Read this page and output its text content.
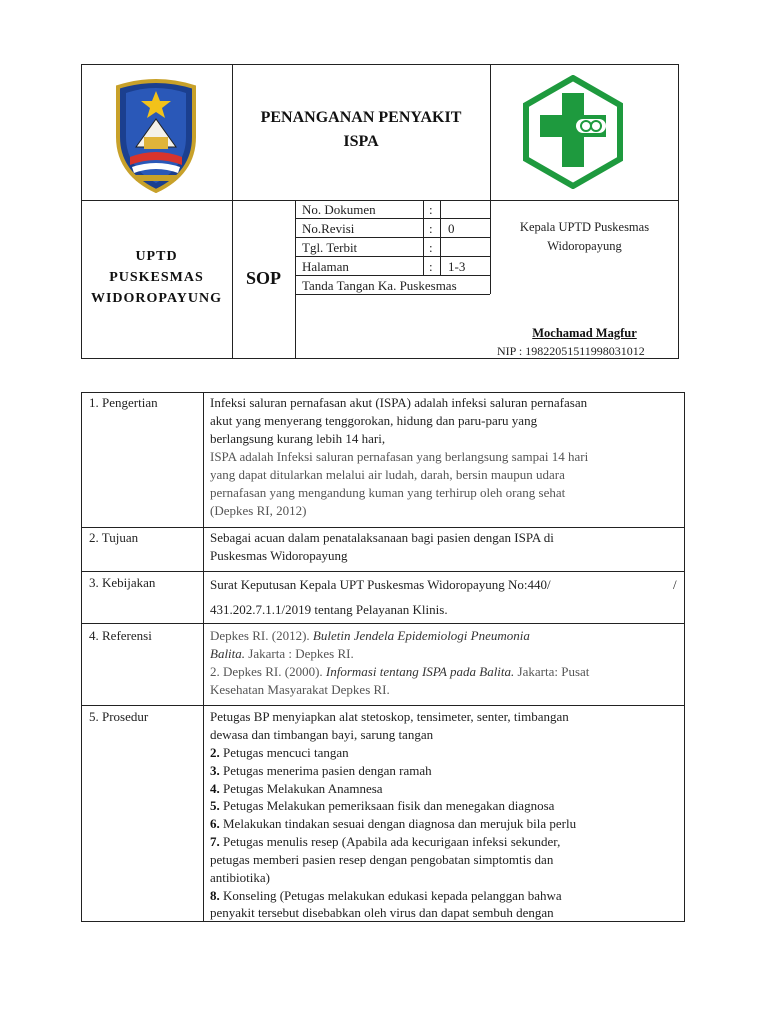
PENANGANAN PENYAKIT
ISPA
UPTD
PUSKESMAS
WIDOROPAYUNG
SOP
No. Dokumen	:
No.Revisi	: 0
Tgl. Terbit	:
Halaman	: 1-3
Tanda Tangan Ka. Puskesmas
Kepala UPTD Puskesmas
Widoropayung
Mochamad Magfur
NIP : 19822051511998031012
1. Pengertian	Infeksi saluran pernafasan akut (ISPA) adalah infeksi saluran pernafasan
akut yang menyerang tenggorokan, hidung dan paru-paru yang
berlangsung kurang lebih 14 hari,
ISPA adalah Infeksi saluran pernafasan yang berlangsung sampai 14 hari
yang dapat ditularkan melalui air ludah, darah, bersin maupun udara
pernafasan yang mengandung kuman yang terhirup oleh orang sehat
(Depkes RI, 2012)
2. Tujuan	Sebagai acuan dalam penatalaksanaan bagi pasien dengan ISPA di
Puskesmas Widoropayung
3. Kebijakan	Surat Keputusan Kepala UPT Puskesmas Widoropayung No:440/	/
431.202.7.1.1/2019 tentang Pelayanan Klinis.
4. Referensi	Depkes RI. (2012). Buletin Jendela Epidemiologi Pneumonia
Balita. Jakarta : Depkes RI.
2. Depkes RI. (2000). Informasi tentang ISPA pada Balita. Jakarta: Pusat
Kesehatan Masyarakat Depkes RI.
5. Prosedur	Petugas BP menyiapkan alat stetoskop, tensimeter, senter, timbangan
dewasa dan timbangan bayi, sarung tangan
2. Petugas mencuci tangan
3. Petugas menerima pasien dengan ramah
4. Petugas Melakukan Anamnesa
5. Petugas Melakukan pemeriksaan fisik dan menegakan diagnosa
6. Melakukan tindakan sesuai dengan diagnosa dan merujuk bila perlu
7. Petugas menulis resep (Apabila ada kecurigaan infeksi sekunder,
petugas memberi pasien resep dengan pengobatan simptomtis dan
antibiotika)
8. Konseling (Petugas melakukan edukasi kepada pelanggan bahwa
penyakit tersebut disebabkan oleh virus dan dapat sembuh dengan
